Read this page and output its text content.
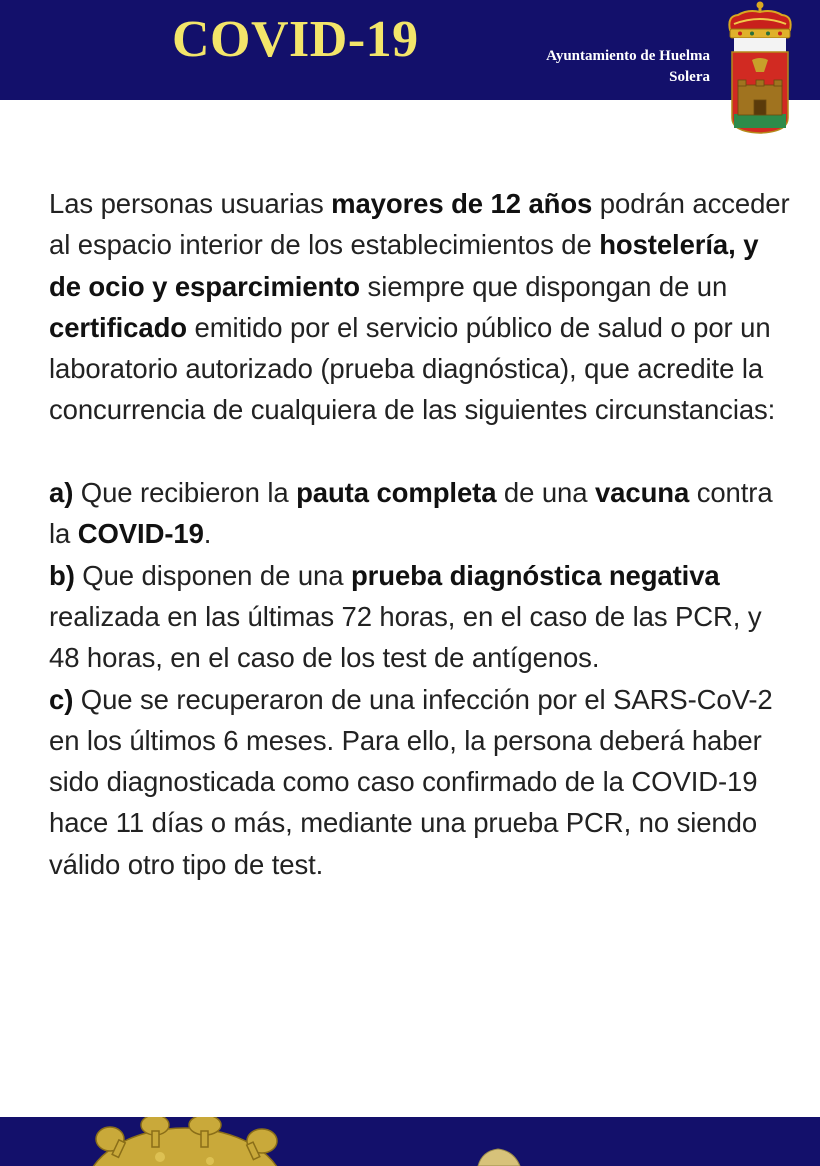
COVID-19	Ayuntamiento de Huelma
Solera

Las personas usuarias mayores de 12 años podrán acceder al espacio interior de los establecimientos de hostelería, y de ocio y esparcimiento siempre que dispongan de un certificado emitido por el servicio público de salud o por un laboratorio autorizado (prueba diagnóstica), que acredite la concurrencia de cualquiera de las siguientes circunstancias:

a) Que recibieron la pauta completa de una vacuna contra la COVID-19.

b) Que disponen de una prueba diagnóstica negativa realizada en las últimas 72 horas, en el caso de las PCR, y 48 horas, en el caso de los test de antígenos.

c) Que se recuperaron de una infección por el SARS-CoV-2 en los últimos 6 meses. Para ello, la persona deberá haber sido diagnosticada como caso confirmado de la COVID-19 hace 11 días o más, mediante una prueba PCR, no siendo válido otro tipo de test.
